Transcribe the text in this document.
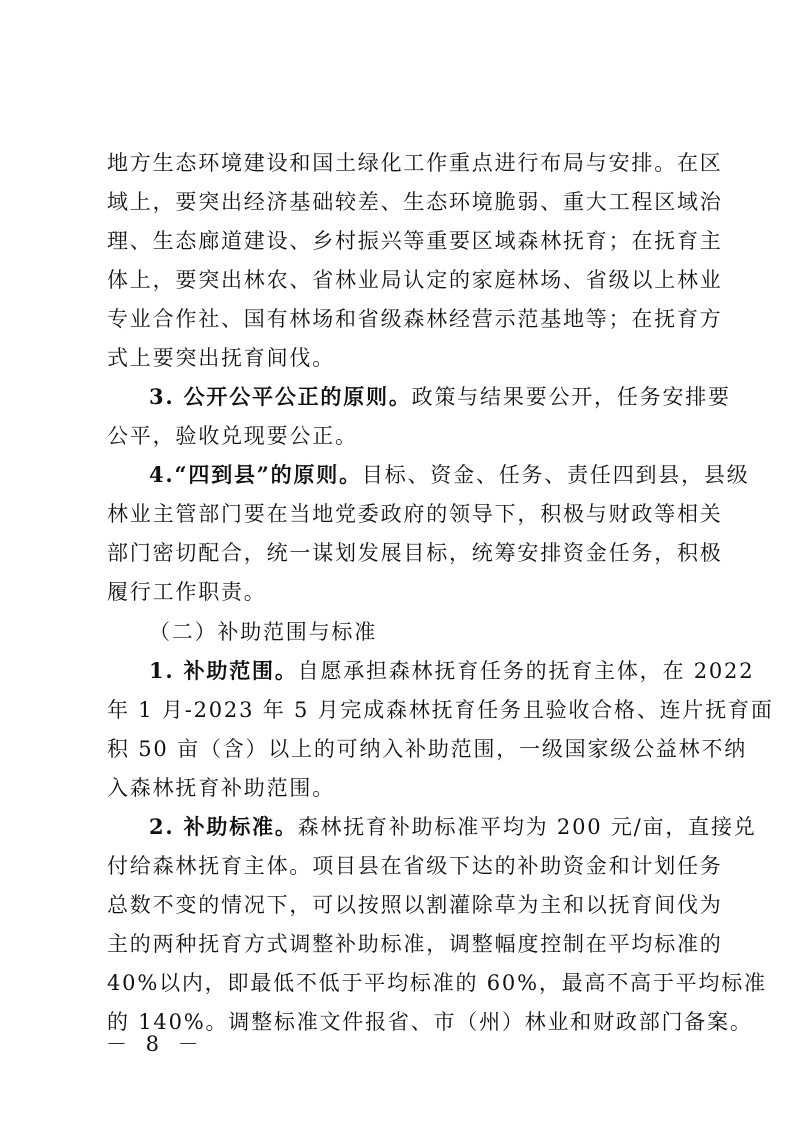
地方生态环境建设和国土绿化工作重点进行布局与安排。在区
域上，要突出经济基础较差、生态环境脆弱、重大工程区域治
理、生态廊道建设、乡村振兴等重要区域森林抚育；在抚育主
体上，要突出林农、省林业局认定的家庭林场、省级以上林业
专业合作社、国有林场和省级森林经营示范基地等；在抚育方
式上要突出抚育间伐。
3. 公开公平公正的原则。政策与结果要公开，任务安排要
公平，验收兑现要公正。
4.“四到县”的原则。目标、资金、任务、责任四到县，县级
林业主管部门要在当地党委政府的领导下，积极与财政等相关
部门密切配合，统一谋划发展目标，统筹安排资金任务，积极
履行工作职责。
（二）补助范围与标准
1. 补助范围。自愿承担森林抚育任务的抚育主体，在 2022
年 1 月-2023 年 5 月完成森林抚育任务且验收合格、连片抚育面
积 50 亩（含）以上的可纳入补助范围，一级国家级公益林不纳
入森林抚育补助范围。
2. 补助标准。森林抚育补助标准平均为 200 元/亩，直接兑
付给森林抚育主体。项目县在省级下达的补助资金和计划任务
总数不变的情况下，可以按照以割灌除草为主和以抚育间伐为
主的两种抚育方式调整补助标准，调整幅度控制在平均标准的
40%以内，即最低不低于平均标准的 60%，最高不高于平均标准
的 140%。调整标准文件报省、市（州）林业和财政部门备案。
－ 8 －
